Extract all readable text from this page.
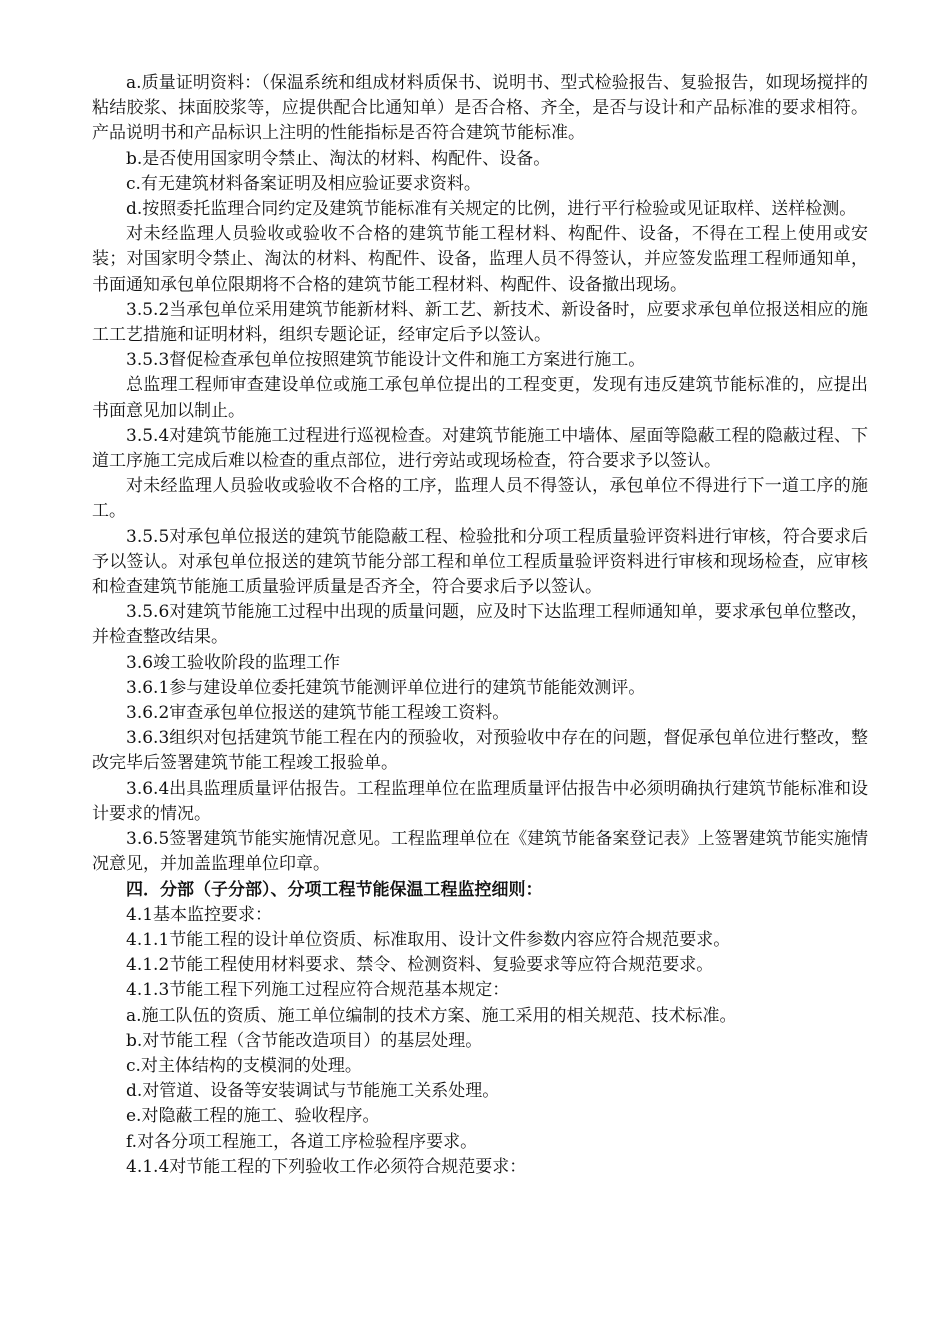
a.质量证明资料：（保温系统和组成材料质保书、说明书、型式检验报告、复验报告，如现场搅拌的粘结胶浆、抹面胶浆等，应提供配合比通知单）是否合格、齐全，是否与设计和产品标准的要求相符。产品说明书和产品标识上注明的性能指标是否符合建筑节能标准。

b.是否使用国家明令禁止、淘汰的材料、构配件、设备。

c.有无建筑材料备案证明及相应验证要求资料。

d.按照委托监理合同约定及建筑节能标准有关规定的比例，进行平行检验或见证取样、送样检测。

对未经监理人员验收或验收不合格的建筑节能工程材料、构配件、设备，不得在工程上使用或安装；对国家明令禁止、淘汰的材料、构配件、设备，监理人员不得签认，并应签发监理工程师通知单，书面通知承包单位限期将不合格的建筑节能工程材料、构配件、设备撤出现场。

3.5.2当承包单位采用建筑节能新材料、新工艺、新技术、新设备时，应要求承包单位报送相应的施工工艺措施和证明材料，组织专题论证，经审定后予以签认。

3.5.3督促检查承包单位按照建筑节能设计文件和施工方案进行施工。

总监理工程师审查建设单位或施工承包单位提出的工程变更，发现有违反建筑节能标准的，应提出书面意见加以制止。

3.5.4对建筑节能施工过程进行巡视检查。对建筑节能施工中墙体、屋面等隐蔽工程的隐蔽过程、下道工序施工完成后难以检查的重点部位，进行旁站或现场检查，符合要求予以签认。

对未经监理人员验收或验收不合格的工序，监理人员不得签认，承包单位不得进行下一道工序的施工。

3.5.5对承包单位报送的建筑节能隐蔽工程、检验批和分项工程质量验评资料进行审核，符合要求后予以签认。对承包单位报送的建筑节能分部工程和单位工程质量验评资料进行审核和现场检查，应审核和检查建筑节能施工质量验评质量是否齐全，符合要求后予以签认。

3.5.6对建筑节能施工过程中出现的质量问题，应及时下达监理工程师通知单，要求承包单位整改，并检查整改结果。

3.6竣工验收阶段的监理工作

3.6.1参与建设单位委托建筑节能测评单位进行的建筑节能能效测评。

3.6.2审查承包单位报送的建筑节能工程竣工资料。

3.6.3组织对包括建筑节能工程在内的预验收，对预验收中存在的问题，督促承包单位进行整改，整改完毕后签署建筑节能工程竣工报验单。

3.6.4出具监理质量评估报告。工程监理单位在监理质量评估报告中必须明确执行建筑节能标准和设计要求的情况。

3.6.5签署建筑节能实施情况意见。工程监理单位在《建筑节能备案登记表》上签署建筑节能实施情况意见，并加盖监理单位印章。

四．分部（子分部）、分项工程节能保温工程监控细则：

4.1基本监控要求：

4.1.1节能工程的设计单位资质、标准取用、设计文件参数内容应符合规范要求。

4.1.2节能工程使用材料要求、禁令、检测资料、复验要求等应符合规范要求。

4.1.3节能工程下列施工过程应符合规范基本规定：

a.施工队伍的资质、施工单位编制的技术方案、施工采用的相关规范、技术标准。

b.对节能工程（含节能改造项目）的基层处理。

c.对主体结构的支模洞的处理。

d.对管道、设备等安装调试与节能施工关系处理。

e.对隐蔽工程的施工、验收程序。

f.对各分项工程施工，各道工序检验程序要求。

4.1.4对节能工程的下列验收工作必须符合规范要求：
